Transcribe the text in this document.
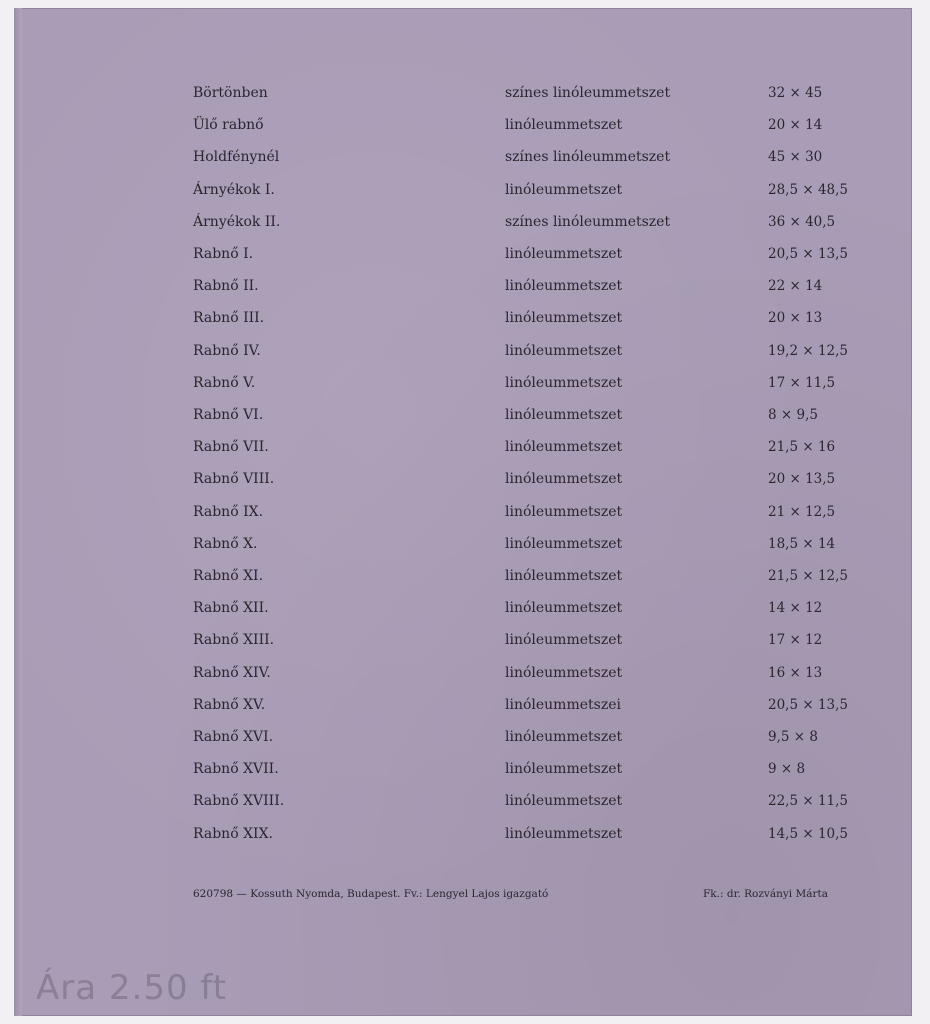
Börtönben	színes linóleummetszet	32 × 45
Ülő rabnő	linóleummetszet	20 × 14
Holdfénynél	színes linóleummetszet	45 × 30
Árnyékok I.	linóleummetszet	28,5 × 48,5
Árnyékok II.	színes linóleummetszet	36 × 40,5
Rabnő I.	linóleummetszet	20,5 × 13,5
Rabnő II.	linóleummetszet	22 × 14
Rabnő III.	linóleummetszet	20 × 13
Rabnő IV.	linóleummetszet	19,2 × 12,5
Rabnő V.	linóleummetszet	17 × 11,5
Rabnő VI.	linóleummetszet	8 × 9,5
Rabnő VII.	linóleummetszet	21,5 × 16
Rabnő VIII.	linóleummetszet	20 × 13,5
Rabnő IX.	linóleummetszet	21 × 12,5
Rabnő X.	linóleummetszet	18,5 × 14
Rabnő XI.	linóleummetszet	21,5 × 12,5
Rabnő XII.	linóleummetszet	14 × 12
Rabnő XIII.	linóleummetszet	17 × 12
Rabnő XIV.	linóleummetszet	16 × 13
Rabnő XV.	linóleummetszei	20,5 × 13,5
Rabnő XVI.	linóleummetszet	9,5 × 8
Rabnő XVII.	linóleummetszet	9 × 8
Rabnő XVIII.	linóleummetszet	22,5 × 11,5
Rabnő XIX.	linóleummetszet	14,5 × 10,5
620798 — Kossuth Nyomda, Budapest. Fv.: Lengyel Lajos igazgató	Fk.: dr. Rozványi Márta
Ára 2.50 ft
